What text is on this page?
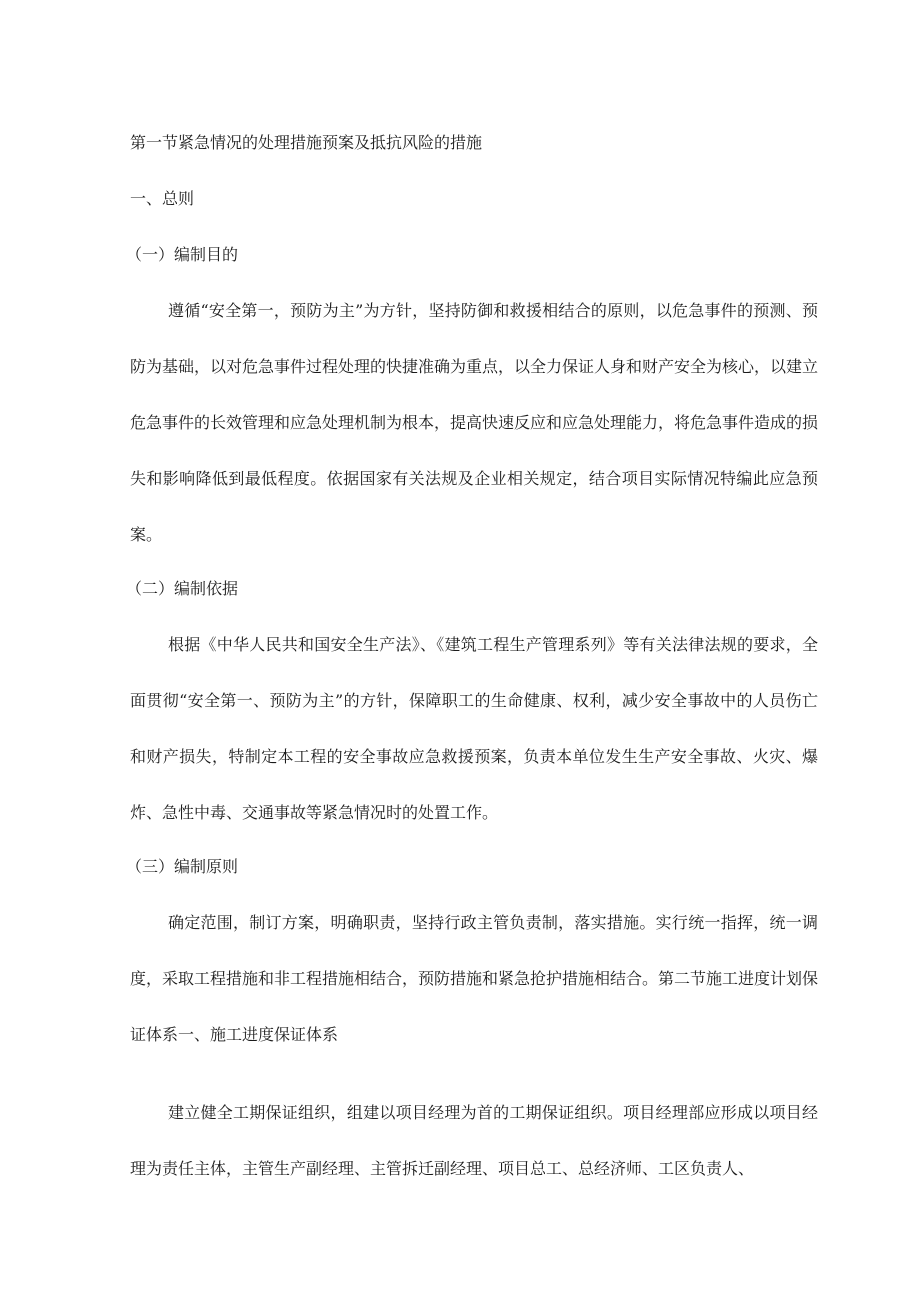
第一节紧急情况的处理措施预案及抵抗风险的措施

一、总则

（一）编制目的

遵循“安全第一，预防为主”为方针，坚持防御和救援相结合的原则，以危急事件的预测、预防为基础，以对危急事件过程处理的快捷准确为重点，以全力保证人身和财产安全为核心，以建立危急事件的长效管理和应急处理机制为根本，提高快速反应和应急处理能力，将危急事件造成的损失和影响降低到最低程度。依据国家有关法规及企业相关规定，结合项目实际情况特编此应急预案。

（二）编制依据

根据《中华人民共和国安全生产法》、《建筑工程生产管理系列》等有关法律法规的要求，全面贯彻“安全第一、预防为主”的方针，保障职工的生命健康、权利，减少安全事故中的人员伤亡和财产损失，特制定本工程的安全事故应急救援预案，负责本单位发生生产安全事故、火灾、爆炸、急性中毒、交通事故等紧急情况时的处置工作。

（三）编制原则

确定范围，制订方案，明确职责，坚持行政主管负责制，落实措施。实行统一指挥，统一调度，采取工程措施和非工程措施相结合，预防措施和紧急抢护措施相结合。第二节施工进度计划保证体系一、施工进度保证体系

建立健全工期保证组织，组建以项目经理为首的工期保证组织。项目经理部应形成以项目经理为责任主体，主管生产副经理、主管拆迁副经理、项目总工、总经济师、工区负责人、
